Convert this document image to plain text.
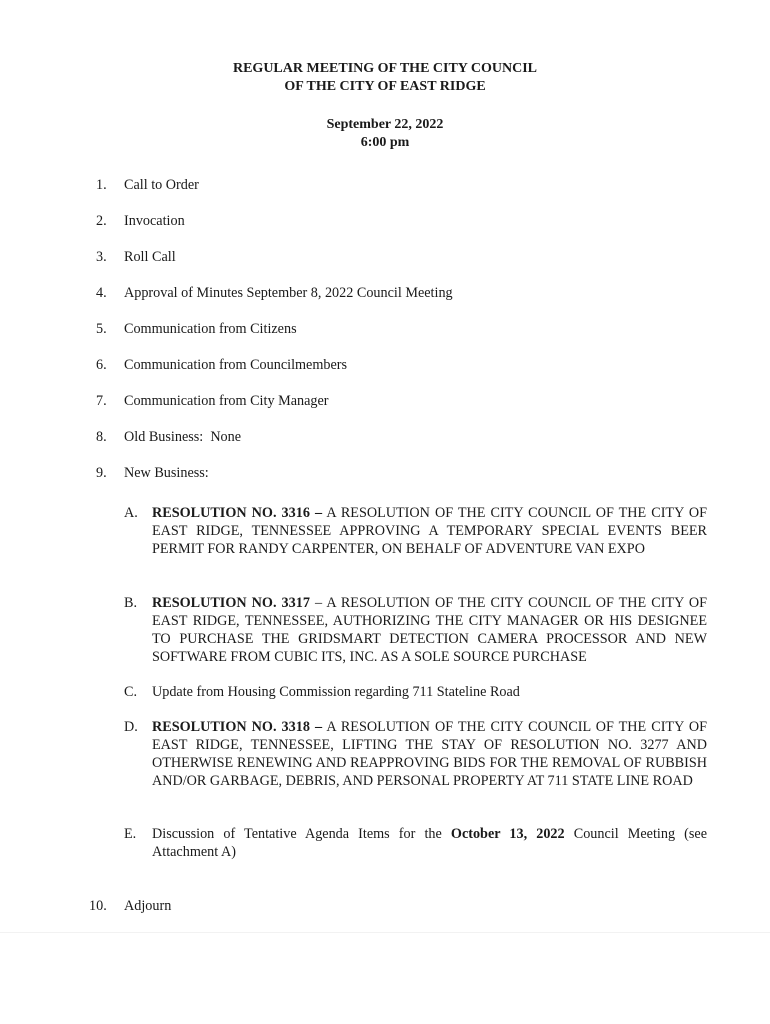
REGULAR MEETING OF THE CITY COUNCIL
OF THE CITY OF EAST RIDGE
September 22, 2022
6:00 pm
1. Call to Order
2. Invocation
3. Roll Call
4. Approval of Minutes September 8, 2022 Council Meeting
5. Communication from Citizens
6. Communication from Councilmembers
7. Communication from City Manager
8. Old Business:  None
9. New Business:
A. RESOLUTION NO. 3316 – A RESOLUTION OF THE CITY COUNCIL OF THE CITY OF EAST RIDGE, TENNESSEE APPROVING A TEMPORARY SPECIAL EVENTS BEER PERMIT FOR RANDY CARPENTER, ON BEHALF OF ADVENTURE VAN EXPO
B. RESOLUTION NO. 3317 – A RESOLUTION OF THE CITY COUNCIL OF THE CITY OF EAST RIDGE, TENNESSEE, AUTHORIZING THE CITY MANAGER OR HIS DESIGNEE TO PURCHASE THE GRIDSMART DETECTION CAMERA PROCESSOR AND NEW SOFTWARE FROM CUBIC ITS, INC. AS A SOLE SOURCE PURCHASE
C. Update from Housing Commission regarding 711 Stateline Road
D. RESOLUTION NO. 3318 – A RESOLUTION OF THE CITY COUNCIL OF THE CITY OF EAST RIDGE, TENNESSEE, LIFTING THE STAY OF RESOLUTION NO. 3277 AND OTHERWISE RENEWING AND REAPPROVING BIDS FOR THE REMOVAL OF RUBBISH AND/OR GARBAGE, DEBRIS, AND PERSONAL PROPERTY AT 711 STATE LINE ROAD
E. Discussion of Tentative Agenda Items for the October 13, 2022 Council Meeting (see Attachment A)
10. Adjourn
